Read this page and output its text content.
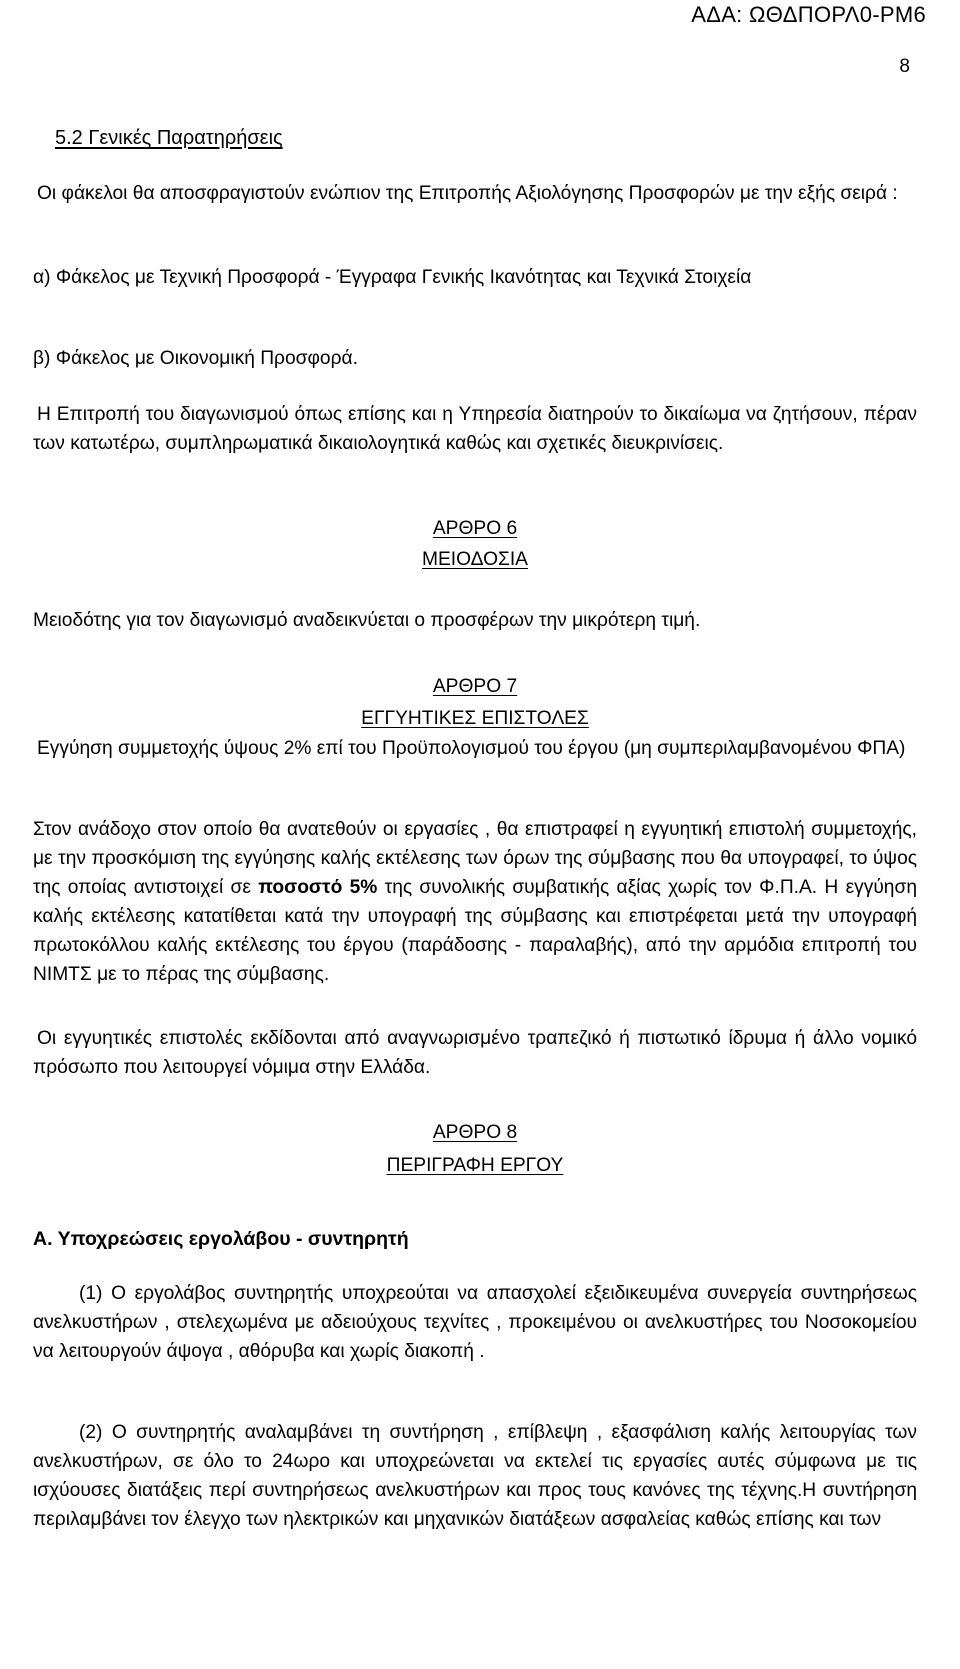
ΑΔΑ: ΩΘΔΠΟΡΛ0-ΡΜ6
8

5.2 Γενικές Παρατηρήσεις

Οι φάκελοι θα αποσφραγιστούν ενώπιον της Επιτροπής Αξιολόγησης Προσφορών με την εξής σειρά :

α) Φάκελος με Τεχνική Προσφορά - Έγγραφα Γενικής Ικανότητας και Τεχνικά Στοιχεία

β) Φάκελος με Οικονομική Προσφορά.

Η Επιτροπή του διαγωνισμού όπως επίσης και η Υπηρεσία διατηρούν το δικαίωμα να ζητήσουν, πέραν των κατωτέρω, συμπληρωματικά δικαιολογητικά καθώς και σχετικές διευκρινίσεις.

ΑΡΘΡΟ 6

ΜΕΙΟΔΟΣΙΑ

Μειοδότης για τον διαγωνισμό αναδεικνύεται ο προσφέρων την μικρότερη τιμή.

ΑΡΘΡΟ 7

ΕΓΓΥΗΤΙΚΕΣ ΕΠΙΣΤΟΛΕΣ

Εγγύηση συμμετοχής ύψους 2% επί του Προϋπολογισμού του έργου (μη συμπεριλαμβανομένου ΦΠΑ)

Στον ανάδοχο στον οποίο θα ανατεθούν οι εργασίες , θα επιστραφεί η εγγυητική επιστολή συμμετοχής, με την προσκόμιση της εγγύησης καλής εκτέλεσης των όρων της σύμβασης που θα υπογραφεί, το ύψος της οποίας αντιστοιχεί σε ποσοστό 5% της συνολικής συμβατικής αξίας χωρίς τον Φ.Π.Α. Η εγγύηση καλής εκτέλεσης κατατίθεται κατά την υπογραφή της σύμβασης και επιστρέφεται μετά την υπογραφή πρωτοκόλλου καλής εκτέλεσης του έργου (παράδοσης - παραλαβής), από την αρμόδια επιτροπή του ΝΙΜΤΣ με το πέρας της σύμβασης.

Οι εγγυητικές επιστολές εκδίδονται από αναγνωρισμένο τραπεζικό ή πιστωτικό ίδρυμα ή άλλο νομικό πρόσωπο που λειτουργεί νόμιμα στην Ελλάδα.

ΑΡΘΡΟ 8

ΠΕΡΙΓΡΑΦΗ ΕΡΓΟΥ

Α. Υποχρεώσεις εργολάβου - συντηρητή

(1) Ο εργολάβος συντηρητής υποχρεούται να απασχολεί εξειδικευμένα συνεργεία συντηρήσεως ανελκυστήρων , στελεχωμένα με αδειούχους τεχνίτες , προκειμένου οι ανελκυστήρες του Νοσοκομείου να λειτουργούν άψογα , αθόρυβα και χωρίς διακοπή .

(2) Ο συντηρητής αναλαμβάνει τη συντήρηση , επίβλεψη , εξασφάλιση καλής λειτουργίας των ανελκυστήρων, σε όλο το 24ωρο και υποχρεώνεται να εκτελεί τις εργασίες αυτές σύμφωνα με τις ισχύουσες διατάξεις περί συντηρήσεως ανελκυστήρων και προς τους κανόνες της τέχνης.Η συντήρηση περιλαμβάνει τον έλεγχο των ηλεκτρικών και μηχανικών διατάξεων ασφαλείας καθώς επίσης και των
